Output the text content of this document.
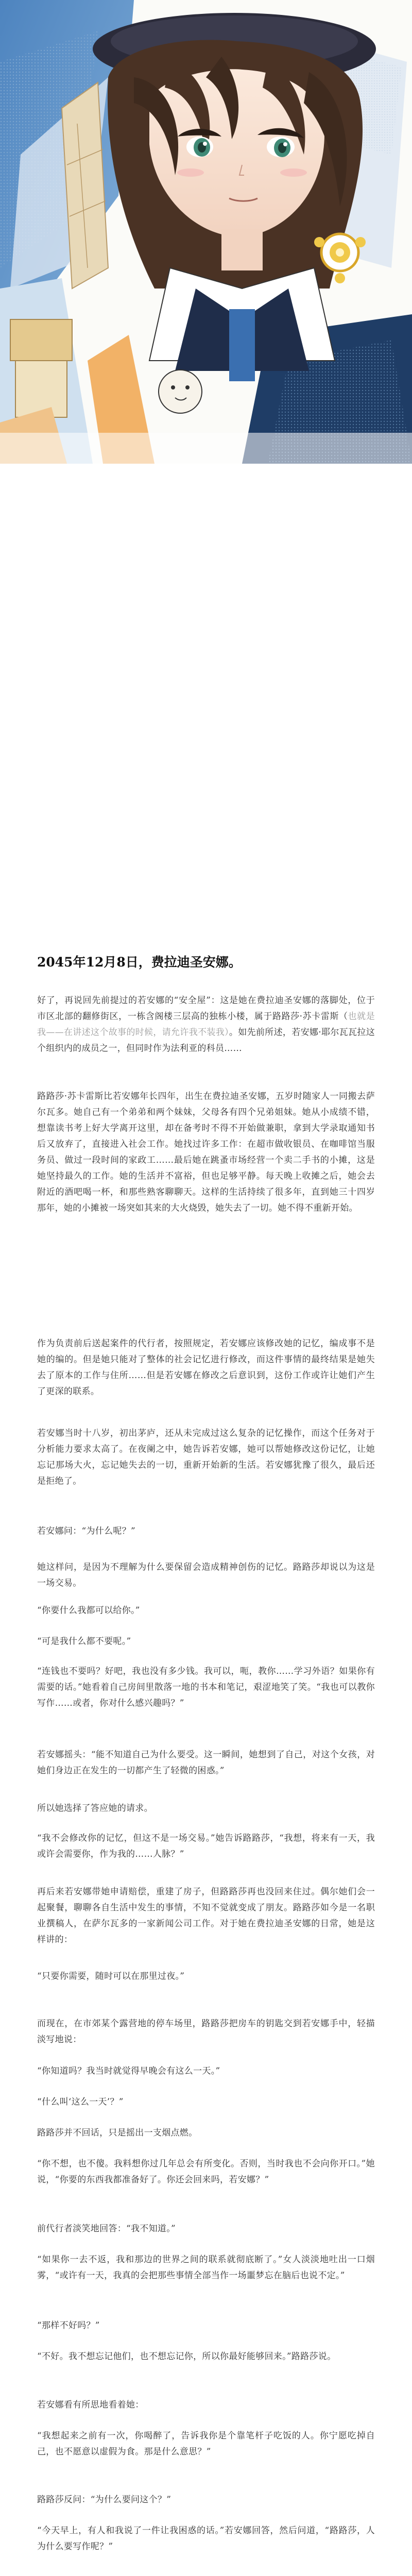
2045年12月8日，费拉迪圣安娜。

好了，再说回先前提过的若安娜的“安全屋”：这是她在费拉迪圣安娜的落脚处，位于市区北部的翻修街区，一栋含阁楼三层高的独栋小楼，属于路路莎·苏卡雷斯（也就是我——在讲述这个故事的时候，请允许我不装我）。如先前所述，若安娜·耶尔瓦瓦拉这个组织内的成员之一，但同时作为法利亚的科员……

路路莎·苏卡雷斯比若安娜年长四年，出生在费拉迪圣安娜，五岁时随家人一同搬去萨尔瓦多。她自己有一个弟弟和两个妹妹，父母各有四个兄弟姐妹。她从小成绩不错，想靠读书考上好大学离开这里，却在备考时不得不开始做兼职，拿到大学录取通知书后又放弃了，直接进入社会工作。她找过许多工作：在超市做收银员、在咖啡馆当服务员、做过一段时间的家政工……最后她在跳蚤市场经营一个卖二手书的小摊，这是她坚持最久的工作。她的生活并不富裕，但也足够平静。每天晚上收摊之后，她会去附近的酒吧喝一杯，和那些熟客聊聊天。这样的生活持续了很多年，直到她三十四岁那年，她的小摊被一场突如其来的大火烧毁，她失去了一切。她不得不重新开始。

作为负责前后送起案件的代行者，按照规定，若安娜应该修改她的记忆，编成事不是她的编的。但是她只能对了整体的社会记忆进行修改，而这件事情的最终结果是她失去了原本的工作与住所……但是若安娜在修改之后意识到，这份工作或许让她们产生了更深的联系。

若安娜当时十八岁，初出茅庐，还从未完成过这么复杂的记忆操作，而这个任务对于分析能力要求太高了。在夜阑之中，她告诉若安娜，她可以帮她修改这份记忆，让她忘记那场大火，忘记她失去的一切，重新开始新的生活。若安娜犹豫了很久，最后还是拒绝了。

若安娜问：“为什么呢？”

她这样问，是因为不理解为什么要保留会造成精神创伤的记忆。路路莎却说以为这是一场交易。

“你要什么我都可以给你。”

“可是我什么都不要呢。”

“连钱也不要吗？好吧，我也没有多少钱。我可以，呃，教你……学习外语？如果你有需要的话。”她看着自己房间里散落一地的书本和笔记，艰涩地笑了笑。“我也可以教你写作……或者，你对什么感兴趣吗？”

若安娜摇头：“能不知道自己为什么要受。这一瞬间，她想到了自己，对这个女孩，对她们身边正在发生的一切都产生了轻微的困惑。”

所以她选择了答应她的请求。

“我不会修改你的记忆，但这不是一场交易。”她告诉路路莎，“我想，将来有一天，我或许会需要你，作为我的……人脉？”

再后来若安娜带她申请赔偿，重建了房子，但路路莎再也没回来住过。偶尔她们会一起聚餐，聊聊各自生活中发生的事情，不知不觉就变成了朋友。路路莎如今是一名职业撰稿人，在萨尔瓦多的一家新闻公司工作。对于她在费拉迪圣安娜的日常，她是这样讲的：

“只要你需要，随时可以在那里过夜。”

而现在，在市郊某个露营地的停车场里，路路莎把房车的钥匙交到若安娜手中，轻描淡写地说：

“你知道吗？我当时就觉得早晚会有这么一天。”

“什么叫‘这么一天’？”

路路莎并不回话，只是摇出一支烟点燃。

“你不想，也不傻。我料想你过几年总会有所变化。否则，当时我也不会向你开口。”她说，“你要的东西我都准备好了。你还会回来吗，若安娜？”

前代行者淡笑地回答：“我不知道。”

“如果你一去不返，我和那边的世界之间的联系就彻底断了。”女人淡淡地吐出一口烟雾，“或许有一天，我真的会把那些事情全部当作一场噩梦忘在脑后也说不定。”

“那样不好吗？”

“不好。我不想忘记他们，也不想忘记你，所以你最好能够回来。”路路莎说。

若安娜看有所思地看着她：

“我想起来之前有一次，你喝醉了，告诉我你是个靠笔杆子吃饭的人。你宁愿吃掉自己，也不愿意以虚假为食。那是什么意思？”

路路莎反问：“为什么要问这个？”

“今天早上，有人和我说了一件让我困惑的话。”若安娜回答，然后问道，“路路莎，人为什么要写作呢？”
